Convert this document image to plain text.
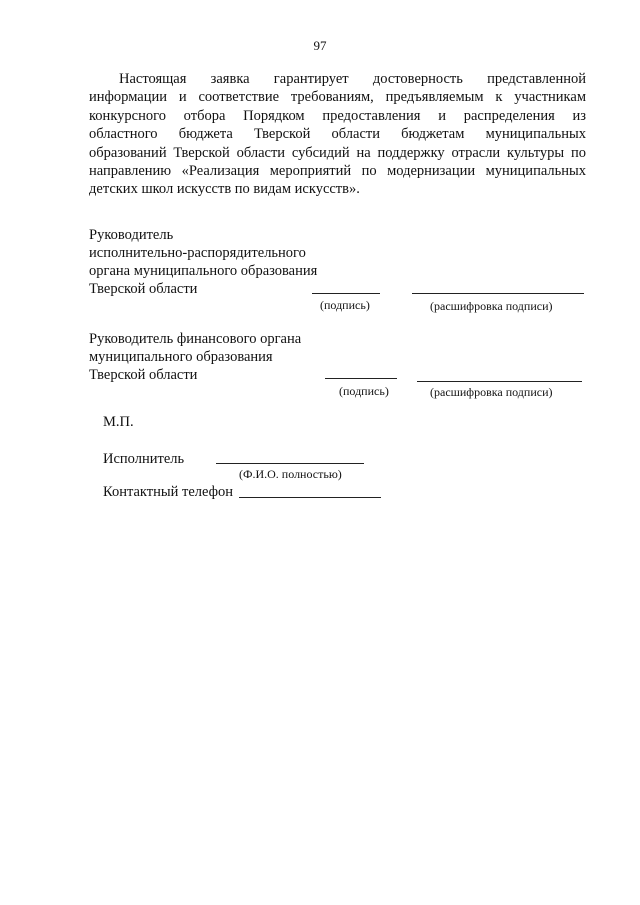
97
Настоящая заявка гарантирует достоверность представленной
информации и соответствие требованиям, предъявляемым к участникам
конкурсного отбора Порядком предоставления и распределения из
областного бюджета Тверской области бюджетам муниципальных
образований Тверской области субсидий на поддержку отрасли культуры по
направлению «Реализация мероприятий по модернизации муниципальных
детских школ искусств по видам искусств».
Руководитель
исполнительно-распорядительного
органа муниципального образования
Тверской области
(подпись)	(расшифровка подписи)
Руководитель финансового органа
муниципального образования
Тверской области
(подпись)	(расшифровка подписи)
М.П.
Исполнитель
(Ф.И.О. полностью)
Контактный телефон
